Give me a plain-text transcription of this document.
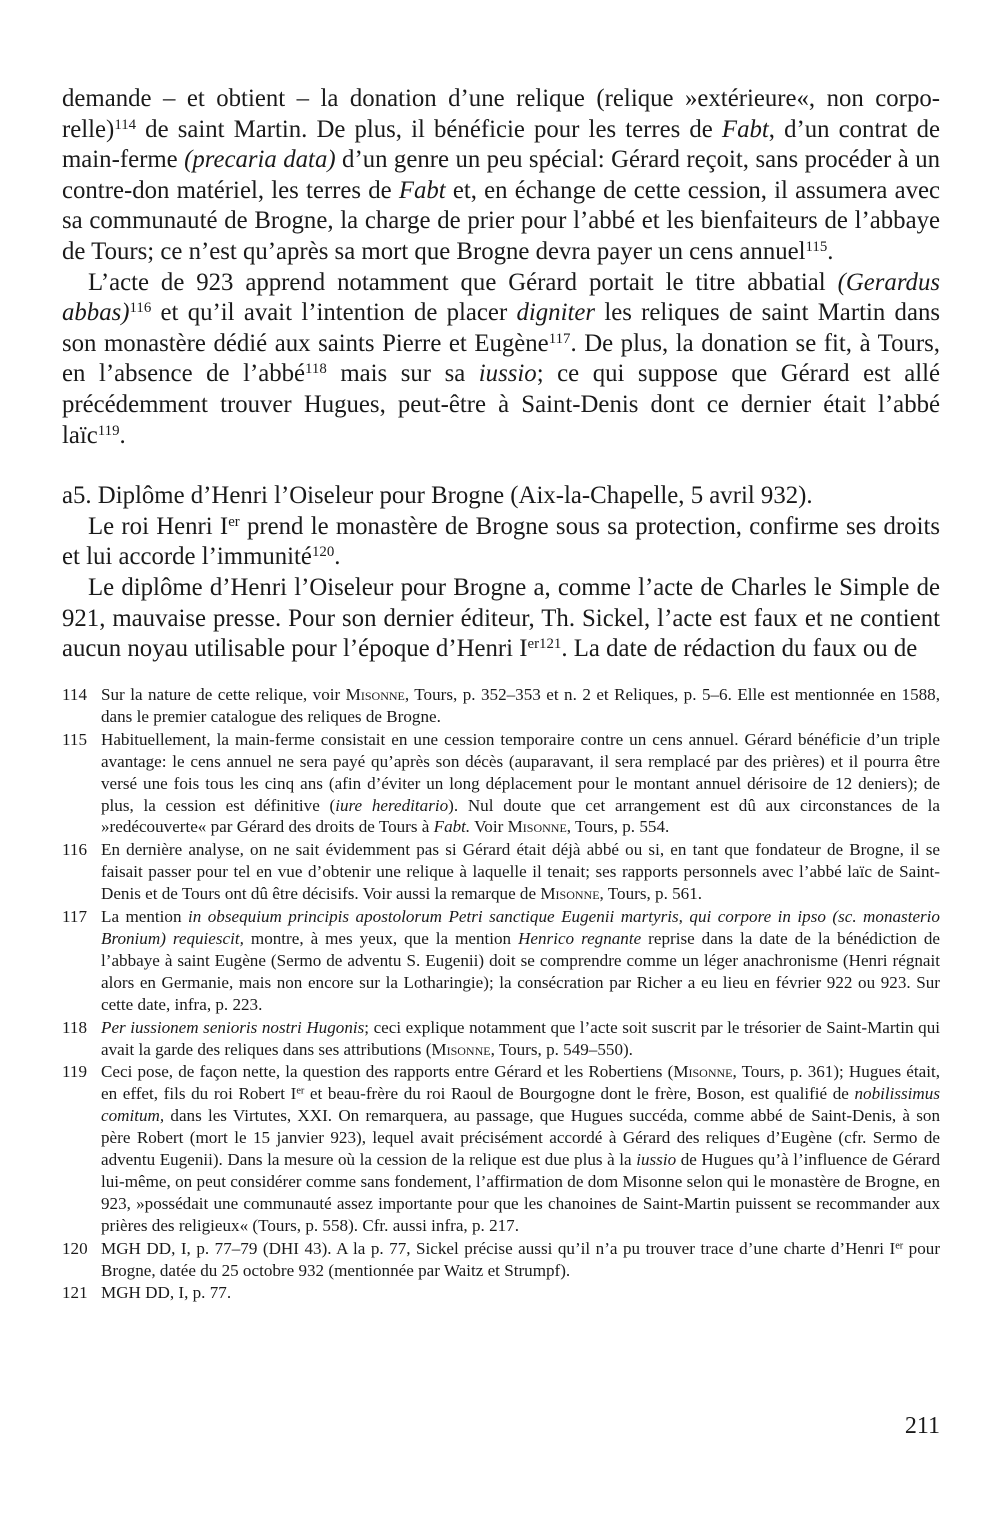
demande – et obtient – la donation d’une relique (relique »extérieure«, non corpo-relle)$^{114}$ de saint Martin. De plus, il bénéficie pour les terres de Fabt, d’un contrat de main-ferme (precaria data) d’un genre un peu spécial: Gérard reçoit, sans procéder à un contre-don matériel, les terres de Fabt et, en échange de cette cession, il assumera avec sa communauté de Brogne, la charge de prier pour l’abbé et les bienfaiteurs de l’abbaye de Tours; ce n’est qu’après sa mort que Brogne devra payer un cens annuel$^{115}$.

L’acte de 923 apprend notamment que Gérard portait le titre abbatial (Gerardus abbas)$^{116}$ et qu’il avait l’intention de placer digniter les reliques de saint Martin dans son monastère dédié aux saints Pierre et Eugène$^{117}$. De plus, la donation se fit, à Tours, en l’absence de l’abbé$^{118}$ mais sur sa iussio; ce qui suppose que Gérard est allé précédemment trouver Hugues, peut-être à Saint-Denis dont ce dernier était l’abbé laïc$^{119}$.

a5. Diplôme d’Henri l’Oiseleur pour Brogne (Aix-la-Chapelle, 5 avril 932).

Le roi Henri Ier prend le monastère de Brogne sous sa protection, confirme ses droits et lui accorde l’immunité$^{120}$.

Le diplôme d’Henri l’Oiseleur pour Brogne a, comme l’acte de Charles le Simple de 921, mauvaise presse. Pour son dernier éditeur, Th. Sickel, l’acte est faux et ne contient aucun noyau utilisable pour l’époque d’Henri $I^{er121}$. La date de rédaction du faux ou de

114 Sur la nature de cette relique, voir Misonne, Tours, p. 352–353 et n. 2 et Reliques, p. 5–6. Elle est mentionnée en 1588, dans le premier catalogue des reliques de Brogne.
115 Habituellement, la main-ferme consistait en une cession temporaire contre un cens annuel. Gérard bénéficie d’un triple avantage: le cens annuel ne sera payé qu’après son décès (auparavant, il sera remplacé par des prières) et il pourra être versé une fois tous les cinq ans (afin d’éviter un long déplacement pour le montant annuel dérisoire de 12 deniers); de plus, la cession est définitive (iure hereditario). Nul doute que cet arrangement est dû aux circonstances de la »redécouverte« par Gérard des droits de Tours à Fabt. Voir Misonne, Tours, p. 554.
116 En dernière analyse, on ne sait évidemment pas si Gérard était déjà abbé ou si, en tant que fondateur de Brogne, il se faisait passer pour tel en vue d’obtenir une relique à laquelle il tenait; ses rapports personnels avec l’abbé laïc de Saint-Denis et de Tours ont dû être décisifs. Voir aussi la remarque de Misonne, Tours, p. 561.
117 La mention in obsequium principis apostolorum Petri sanctique Eugenii martyris, qui corpore in ipso (sc. monasterio Bronium) requiescit, montre, à mes yeux, que la mention Henrico regnante reprise dans la date de la bénédiction de l’abbaye à saint Eugène (Sermo de adventu S. Eugenii) doit se comprendre comme un léger anachronisme (Henri régnait alors en Germanie, mais non encore sur la Lotharingie); la consécration par Richer a eu lieu en février 922 ou 923. Sur cette date, infra, p. 223.
118 Per iussionem senioris nostri Hugonis; ceci explique notamment que l’acte soit suscrit par le trésorier de Saint-Martin qui avait la garde des reliques dans ses attributions (Misonne, Tours, p. 549–550).
119 Ceci pose, de façon nette, la question des rapports entre Gérard et les Robertiens (Misonne, Tours, p. 361); Hugues était, en effet, fils du roi Robert Ier et beau-frère du roi Raoul de Bourgogne dont le frère, Boson, est qualifié de nobilissimus comitum, dans les Virtutes, XXI. On remarquera, au passage, que Hugues succéda, comme abbé de Saint-Denis, à son père Robert (mort le 15 janvier 923), lequel avait précisément accordé à Gérard des reliques d’Eugène (cfr. Sermo de adventu Eugenii). Dans la mesure où la cession de la relique est due plus à la iussio de Hugues qu’à l’influence de Gérard lui-même, on peut considérer comme sans fondement, l’affirmation de dom Misonne selon qui le monastère de Brogne, en 923, »possédait une communauté assez importante pour que les chanoines de Saint-Martin puissent se recommander aux prières des religieux« (Tours, p. 558). Cfr. aussi infra, p. 217.
120 MGH DD, I, p. 77–79 (DHI 43). A la p. 77, Sickel précise aussi qu’il n’a pu trouver trace d’une charte d’Henri Ier pour Brogne, datée du 25 octobre 932 (mentionnée par Waitz et Strumpf).
121 MGH DD, I, p. 77.
211
